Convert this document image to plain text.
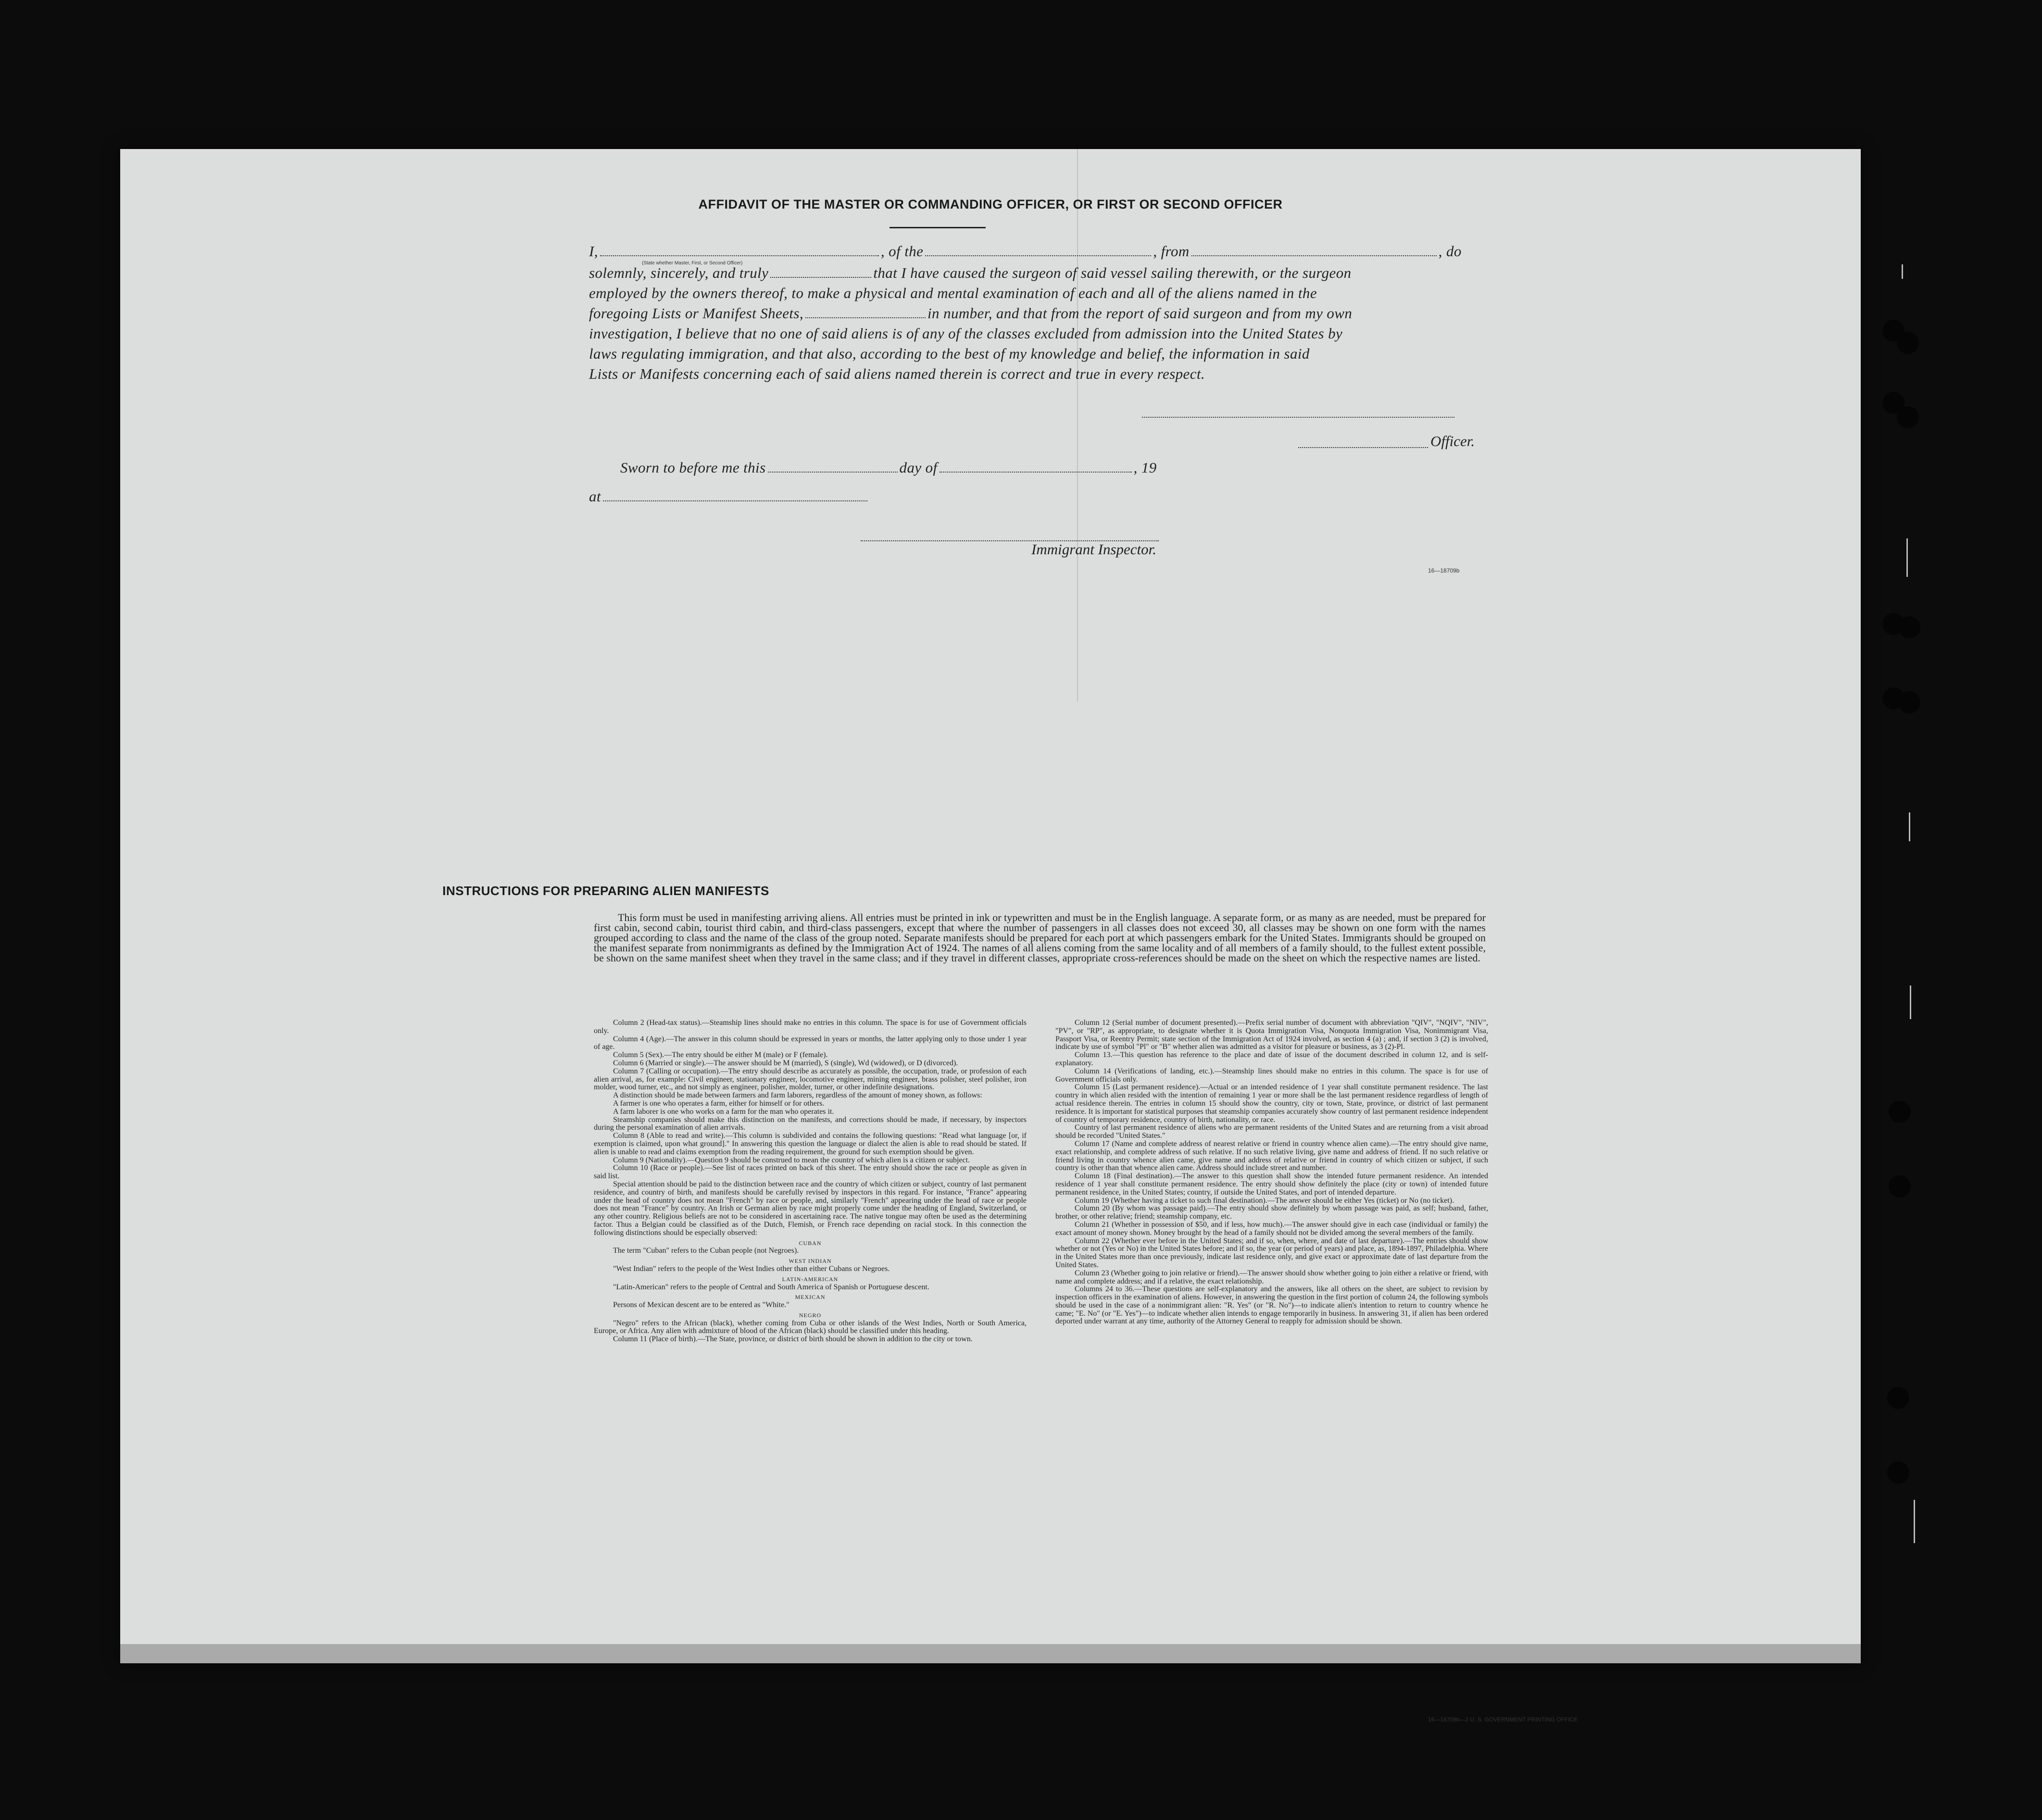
AFFIDAVIT OF THE MASTER OR COMMANDING OFFICER, OR FIRST OR SECOND OFFICER
I,	, of the	, from	, do
(State whether Master, First, or Second Officer)
solemnly, sincerely, and truly	that I have caused the surgeon of said vessel sailing therewith, or the surgeon
employed by the owners thereof, to make a physical and mental examination of each and all of the aliens named in the
foregoing Lists or Manifest Sheets,	in number, and that from the report of said surgeon and from my own
investigation, I believe that no one of said aliens is of any of the classes excluded from admission into the United States by
laws regulating immigration, and that also, according to the best of my knowledge and belief, the information in said
Lists or Manifests concerning each of said aliens named therein is correct and true in every respect.
Officer.
Sworn to before me this	day of	, 19
at
Immigrant Inspector.
16—18709b
INSTRUCTIONS FOR PREPARING ALIEN MANIFESTS
This form must be used in manifesting arriving aliens. All entries must be printed in ink or typewritten and must be in the English language. A separate form, or as many as are needed, must be prepared for first cabin, second cabin, tourist third cabin, and third-class passengers, except that where the number of passengers in all classes does not exceed 30, all classes may be shown on one form with the names grouped according to class and the name of the class of the group noted. Separate manifests should be prepared for each port at which passengers embark for the United States. Immigrants should be grouped on the manifest separate from nonimmigrants as defined by the Immigration Act of 1924. The names of all aliens coming from the same locality and of all members of a family should, to the fullest extent possible, be shown on the same manifest sheet when they travel in the same class; and if they travel in different classes, appropriate cross-references should be made on the sheet on which the respective names are listed.

Column 2 (Head-tax status).—Steamship lines should make no entries in this column. The space is for use of Government officials only.

Column 4 (Age).—The answer in this column should be expressed in years or months, the latter applying only to those under 1 year of age.

Column 5 (Sex).—The entry should be either M (male) or F (female).

Column 6 (Married or single).—The answer should be M (married), S (single), Wd (widowed), or D (divorced).

Column 7 (Calling or occupation).—The entry should describe as accurately as possible, the occupation, trade, or profession of each alien arrival, as, for example: Civil engineer, stationary engineer, locomotive engineer, mining engineer, brass polisher, steel polisher, iron molder, wood turner, etc., and not simply as engineer, polisher, molder, turner, or other indefinite designations.

A distinction should be made between farmers and farm laborers, regardless of the amount of money shown, as follows:

A farmer is one who operates a farm, either for himself or for others.

A farm laborer is one who works on a farm for the man who operates it.

Steamship companies should make this distinction on the manifests, and corrections should be made, if necessary, by inspectors during the personal examination of alien arrivals.

Column 8 (Able to read and write).—This column is subdivided and contains the following questions: "Read what language [or, if exemption is claimed, upon what ground]." In answering this question the language or dialect the alien is able to read should be stated. If alien is unable to read and claims exemption from the reading requirement, the ground for such exemption should be given.

Column 9 (Nationality).—Question 9 should be construed to mean the country of which alien is a citizen or subject.

Column 10 (Race or people).—See list of races printed on back of this sheet. The entry should show the race or people as given in said list.

Special attention should be paid to the distinction between race and the country of which citizen or subject, country of last permanent residence, and country of birth, and manifests should be carefully revised by inspectors in this regard. For instance, "France" appearing under the head of country does not mean "French" by race or people, and, similarly "French" appearing under the head of race or people does not mean "France" by country. An Irish or German alien by race might properly come under the heading of England, Switzerland, or any other country. Religious beliefs are not to be considered in ascertaining race. The native tongue may often be used as the determining factor. Thus a Belgian could be classified as of the Dutch, Flemish, or French race depending on racial stock. In this connection the following distinctions should be especially observed:

CUBAN

The term "Cuban" refers to the Cuban people (not Negroes).

WEST INDIAN

"West Indian" refers to the people of the West Indies other than either Cubans or Negroes.

LATIN-AMERICAN

"Latin-American" refers to the people of Central and South America of Spanish or Portuguese descent.

MEXICAN

Persons of Mexican descent are to be entered as "White."

NEGRO

"Negro" refers to the African (black), whether coming from Cuba or other islands of the West Indies, North or South America, Europe, or Africa. Any alien with admixture of blood of the African (black) should be classified under this heading.

Column 11 (Place of birth).—The State, province, or district of birth should be shown in addition to the city or town.

Column 12 (Serial number of document presented).—Prefix serial number of document with abbreviation "QIV", "NQIV", "NIV", "PV", or "RP", as appropriate, to designate whether it is Quota Immigration Visa, Nonquota Immigration Visa, Nonimmigrant Visa, Passport Visa, or Reentry Permit; state section of the Immigration Act of 1924 involved, as section 4 (a) ; and, if section 3 (2) is involved, indicate by use of symbol "Pl" or "B" whether alien was admitted as a visitor for pleasure or business, as 3 (2)-Pl.

Column 13.—This question has reference to the place and date of issue of the document described in column 12, and is self-explanatory.

Column 14 (Verifications of landing, etc.).—Steamship lines should make no entries in this column. The space is for use of Government officials only.

Column 15 (Last permanent residence).—Actual or an intended residence of 1 year shall constitute permanent residence. The last country in which alien resided with the intention of remaining 1 year or more shall be the last permanent residence regardless of length of actual residence therein. The entries in column 15 should show the country, city or town, State, province, or district of last permanent residence. It is important for statistical purposes that steamship companies accurately show country of last permanent residence independent of country of temporary residence, country of birth, nationality, or race.

Country of last permanent residence of aliens who are permanent residents of the United States and are returning from a visit abroad should be recorded "United States."

Column 17 (Name and complete address of nearest relative or friend in country whence alien came).—The entry should give name, exact relationship, and complete address of such relative. If no such relative living, give name and address of friend. If no such relative or friend living in country whence alien came, give name and address of relative or friend in country of which citizen or subject, if such country is other than that whence alien came. Address should include street and number.

Column 18 (Final destination).—The answer to this question shall show the intended future permanent residence. An intended residence of 1 year shall constitute permanent residence. The entry should show definitely the place (city or town) of intended future permanent residence, in the United States; country, if outside the United States, and port of intended departure.

Column 19 (Whether having a ticket to such final destination).—The answer should be either Yes (ticket) or No (no ticket).

Column 20 (By whom was passage paid).—The entry should show definitely by whom passage was paid, as self; husband, father, brother, or other relative; friend; steamship company, etc.

Column 21 (Whether in possession of $50, and if less, how much).—The answer should give in each case (individual or family) the exact amount of money shown. Money brought by the head of a family should not be divided among the several members of the family.

Column 22 (Whether ever before in the United States; and if so, when, where, and date of last departure).—The entries should show whether or not (Yes or No) in the United States before; and if so, the year (or period of years) and place, as, 1894-1897, Philadelphia. Where in the United States more than once previously, indicate last residence only, and give exact or approximate date of last departure from the United States.

Column 23 (Whether going to join relative or friend).—The answer should show whether going to join either a relative or friend, with name and complete address; and if a relative, the exact relationship.

Columns 24 to 36.—These questions are self-explanatory and the answers, like all others on the sheet, are subject to revision by inspection officers in the examination of aliens. However, in answering the question in the first portion of column 24, the following symbols should be used in the case of a nonimmigrant alien: "R. Yes" (or "R. No")—to indicate alien's intention to return to country whence he came; "E. No" (or "E. Yes")—to indicate whether alien intends to engage temporarily in business. In answering 31, if alien has been ordered deported under warrant at any time, authority of the Attorney General to reapply for admission should be shown.

16—18709b—2 U. S. GOVERNMENT PRINTING OFFICE
